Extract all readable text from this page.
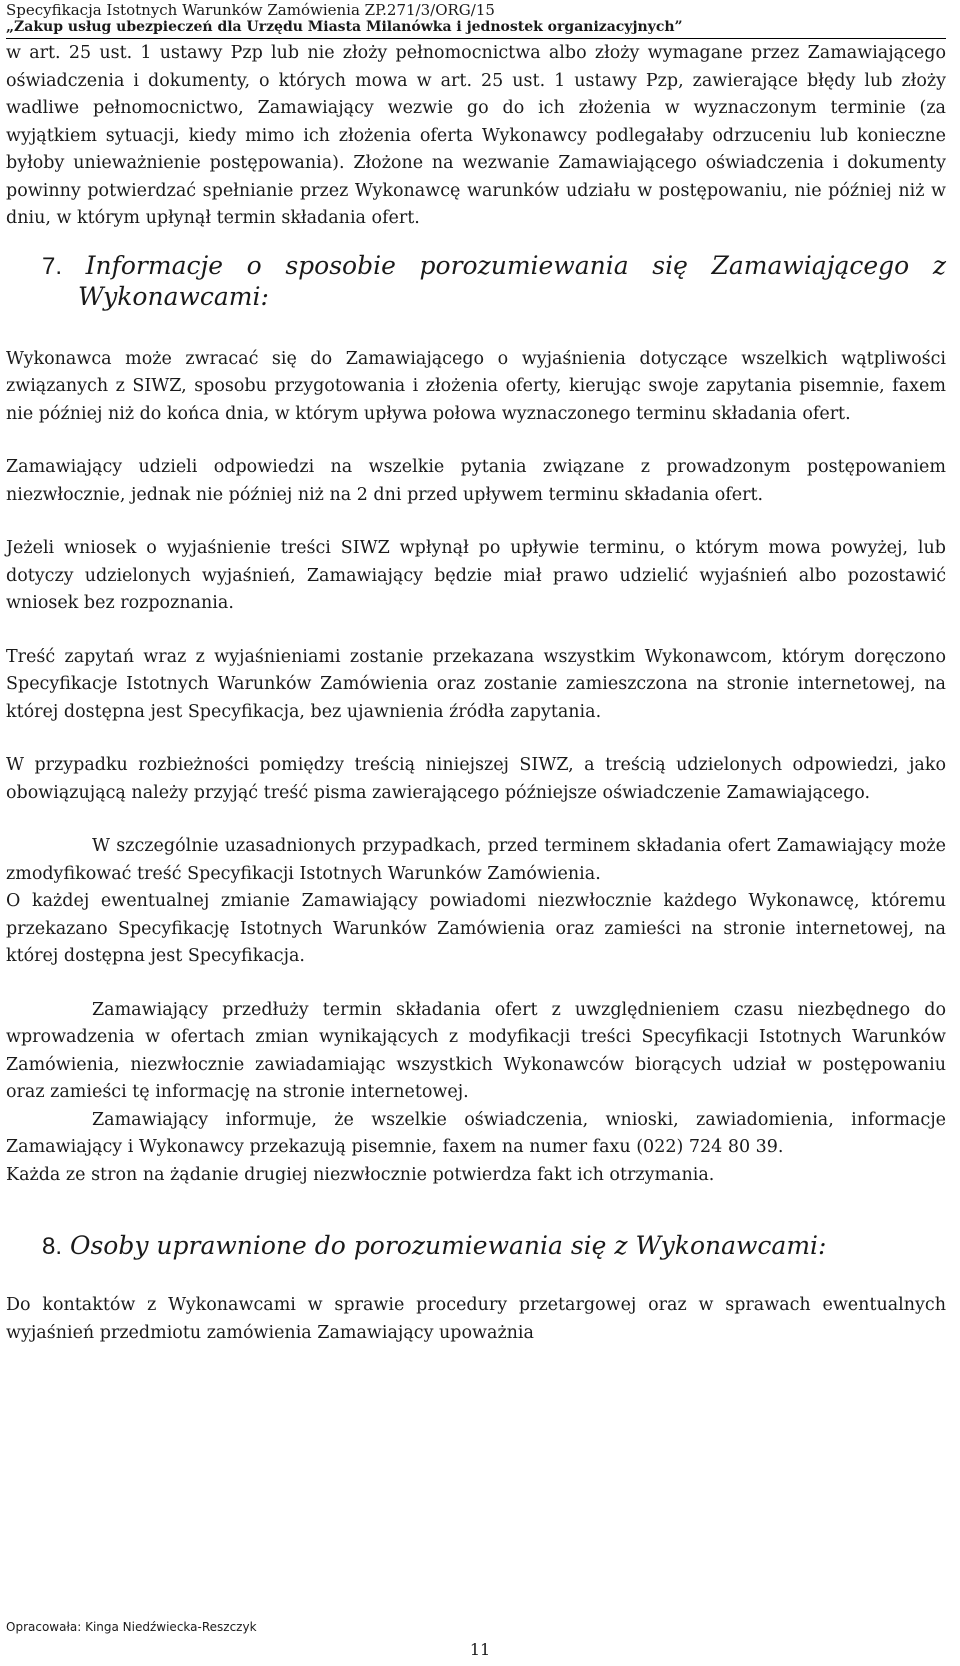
Specyfikacja Istotnych Warunków Zamówienia ZP.271/3/ORG/15
„Zakup usług ubezpieczeń dla Urzędu Miasta Milanówka i jednostek organizacyjnych”

w art. 25 ust. 1 ustawy Pzp lub nie złoży pełnomocnictwa albo złoży wymagane przez Zamawiającego oświadczenia i dokumenty, o których mowa w art. 25 ust. 1 ustawy Pzp, zawierające błędy lub złoży wadliwe pełnomocnictwo, Zamawiający wezwie go do ich złożenia w wyznaczonym terminie (za wyjątkiem sytuacji, kiedy mimo ich złożenia oferta Wykonawcy podlegałaby odrzuceniu lub konieczne byłoby unieważnienie postępowania). Złożone na wezwanie Zamawiającego oświadczenia i dokumenty powinny potwierdzać spełnianie przez Wykonawcę warunków udziału w postępowaniu, nie później niż w dniu, w którym upłynął termin składania ofert.

7. Informacje o sposobie porozumiewania się Zamawiającego z Wykonawcami:

Wykonawca może zwracać się do Zamawiającego o wyjaśnienia dotyczące wszelkich wątpliwości związanych z SIWZ, sposobu przygotowania i złożenia oferty, kierując swoje zapytania pisemnie, faxem nie później niż do końca dnia, w którym upływa połowa wyznaczonego terminu składania ofert.

Zamawiający udzieli odpowiedzi na wszelkie pytania związane z prowadzonym postępowaniem niezwłocznie, jednak nie później niż na 2 dni przed upływem terminu składania ofert.

Jeżeli wniosek o wyjaśnienie treści SIWZ wpłynął po upływie terminu, o którym mowa powyżej, lub dotyczy udzielonych wyjaśnień, Zamawiający będzie miał prawo udzielić wyjaśnień albo pozostawić wniosek bez rozpoznania.

Treść zapytań wraz z wyjaśnieniami zostanie przekazana wszystkim Wykonawcom, którym doręczono Specyfikacje Istotnych Warunków Zamówienia oraz zostanie zamieszczona na stronie internetowej, na której dostępna jest Specyfikacja, bez ujawnienia źródła zapytania.

W przypadku rozbieżności pomiędzy treścią niniejszej SIWZ, a treścią udzielonych odpowiedzi, jako obowiązującą należy przyjąć treść pisma zawierającego późniejsze oświadczenie Zamawiającego.

W szczególnie uzasadnionych przypadkach, przed terminem składania ofert Zamawiający może zmodyfikować treść Specyfikacji Istotnych Warunków Zamówienia.

O każdej ewentualnej zmianie Zamawiający powiadomi niezwłocznie każdego Wykonawcę, któremu przekazano Specyfikację Istotnych Warunków Zamówienia oraz zamieści na stronie internetowej, na której dostępna jest Specyfikacja.

Zamawiający przedłuży termin składania ofert z uwzględnieniem czasu niezbędnego do wprowadzenia w ofertach zmian wynikających z modyfikacji treści Specyfikacji Istotnych Warunków Zamówienia, niezwłocznie zawiadamiając wszystkich Wykonawców biorących udział w postępowaniu oraz zamieści tę informację na stronie internetowej.

Zamawiający informuje, że wszelkie oświadczenia, wnioski, zawiadomienia, informacje Zamawiający i Wykonawcy przekazują pisemnie, faxem na numer faxu (022) 724 80 39.

Każda ze stron na żądanie drugiej niezwłocznie potwierdza fakt ich otrzymania.

8. Osoby uprawnione do porozumiewania się z Wykonawcami:

Do kontaktów z Wykonawcami w sprawie procedury przetargowej oraz w sprawach ewentualnych wyjaśnień przedmiotu zamówienia Zamawiający upoważnia

Opracowała: Kinga Niedźwiecka-Reszczyk
11
